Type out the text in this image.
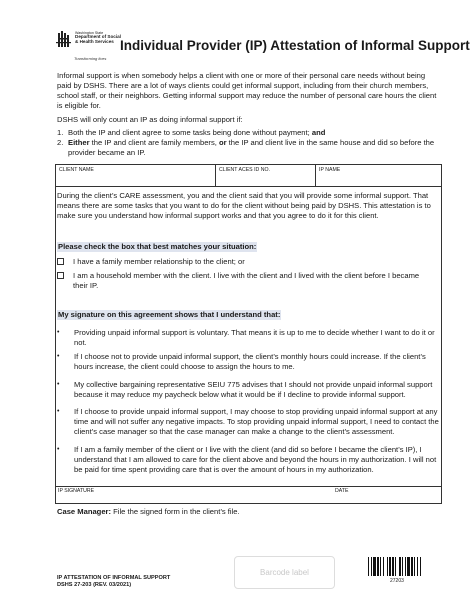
Washington State
Department of Social
& Health Services
Transforming lives
Individual Provider (IP) Attestation of Informal Support
Informal support is when somebody helps a client with one or more of their personal care needs without being paid by DSHS. There are a lot of ways clients could get informal support, including from their church members, school staff, or their neighbors. Getting informal support may reduce the number of personal care hours the client is eligible for.
DSHS will only count an IP as doing informal support if:
1. Both the IP and client agree to some tasks being done without payment; and
2. Either the IP and client are family members, or the IP and client live in the same house and did so before the provider became an IP.
CLIENT NAME	CLIENT ACES ID NO.	IP NAME
During the client’s CARE assessment, you and the client said that you will provide some informal support. That means there are some tasks that you want to do for the client without being paid by DSHS. This attestation is to make sure you understand how informal support works and that you agree to do it for this client.
Please check the box that best matches your situation:
I have a family member relationship to the client; or
I am a household member with the client. I live with the client and I lived with the client before I became their IP.
My signature on this agreement shows that I understand that:
•	Providing unpaid informal support is voluntary. That means it is up to me to decide whether I want to do it or not.
•	If I choose not to provide unpaid informal support, the client’s monthly hours could increase. If the client’s hours increase, the client could choose to assign the hours to me.
•	My collective bargaining representative SEIU 775 advises that I should not provide unpaid informal support because it may reduce my paycheck below what it would be if I decline to provide informal support.
•	If I choose to provide unpaid informal support, I may choose to stop providing unpaid informal support at any time and will not suffer any negative impacts. To stop providing unpaid informal support, I need to contact the client’s case manager so that the case manager can make a change to the client’s assessment.
•	If I am a family member of the client or I live with the client (and did so before I became the client’s IP), I understand that I am allowed to care for the client above and beyond the hours in my authorization. I will not be paid for time spent providing care that is over the amount of hours in my authorization.
IP SIGNATURE	DATE
Case Manager: File the signed form in the client’s file.
IP ATTESTATION OF INFORMAL SUPPORT
DSHS 27-203 (REV. 03/2021)
Barcode label
27203
